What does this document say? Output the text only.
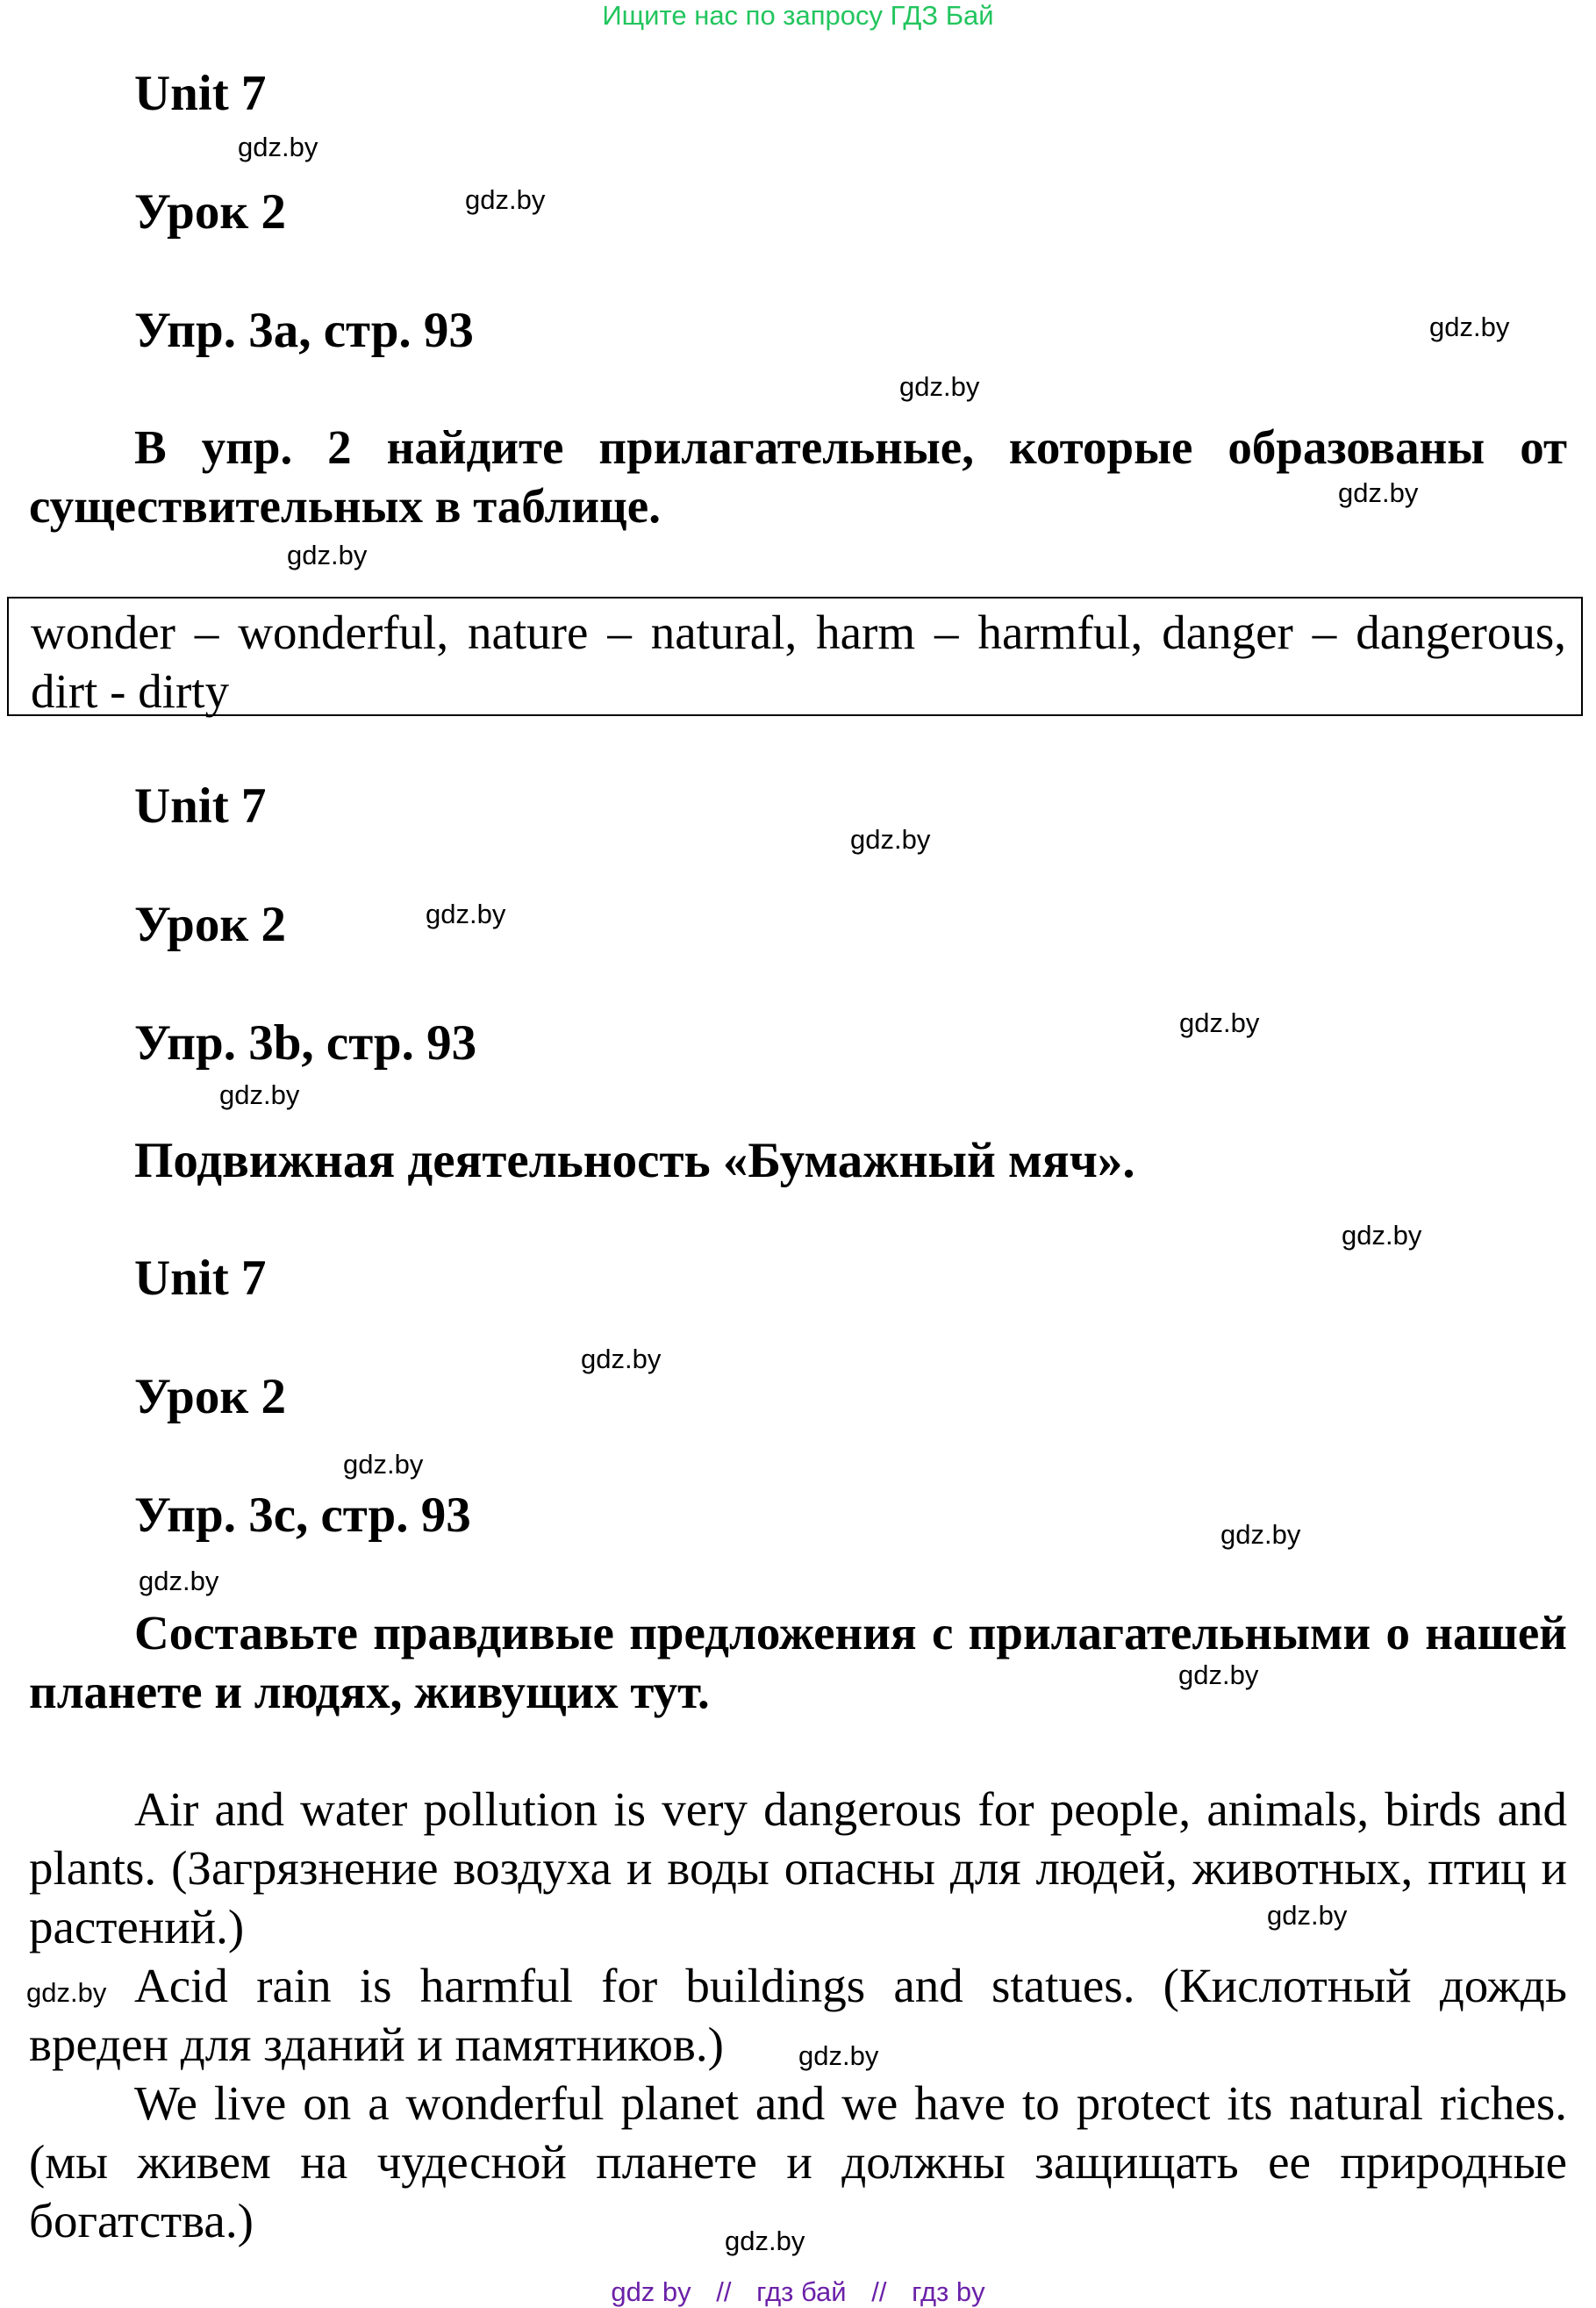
Ищите нас по запросу ГДЗ Бай
Unit 7
Урок 2
Упр. 3a, стр. 93

В упр. 2 найдите прилагательные, которые образованы от существительных в таблице.

wonder – wonderful, nature – natural, harm – harmful, danger – dangerous, dirt - dirty

Unit 7
Урок 2
Упр. 3b, стр. 93
Подвижная деятельность «Бумажный мяч».
Unit 7
Урок 2
Упр. 3c, стр. 93

Составьте правдивые предложения с прилагательными о нашей планете и людях, живущих тут.

Air and water pollution is very dangerous for people, animals, birds and plants. (Загрязнение воздуха и воды опасны для людей, животных, птиц и растений.)

Acid rain is harmful for buildings and statues. (Кислотный дождь вреден для зданий и памятников.)

We live on a wonderful planet and we have to protect its natural riches. (мы живем на чудесной планете и должны защищать ее природные богатства.)

gdz.by
gdz.by
gdz.by
gdz.by
gdz.by
gdz.by
gdz.by
gdz.by
gdz.by
gdz.by
gdz.by
gdz.by
gdz.by
gdz.by
gdz.by
gdz.by
gdz.by
gdz.by
gdz.by
gdz.by
gdz by // гдз бай // гдз by
